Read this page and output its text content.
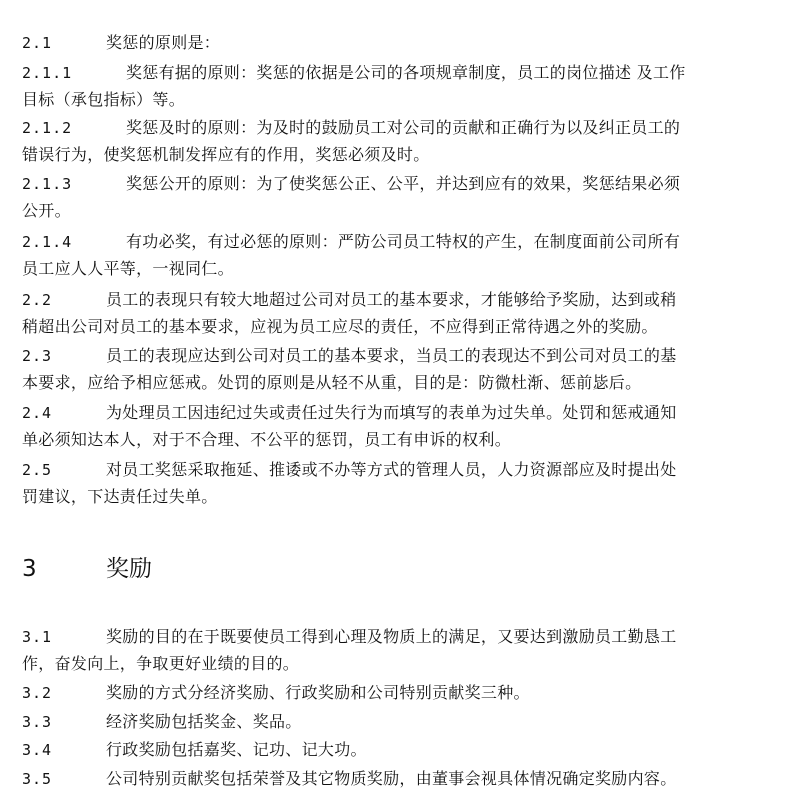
2.1	奖惩的原则是：
2.1.1	奖惩有据的原则：奖惩的依据是公司的各项规章制度，员工的岗位描述 及工作
目标（承包指标）等。
2.1.2	奖惩及时的原则：为及时的鼓励员工对公司的贡献和正确行为以及纠正员工的
错误行为，使奖惩机制发挥应有的作用，奖惩必须及时。
2.1.3	奖惩公开的原则：为了使奖惩公正、公平，并达到应有的效果，奖惩结果必须
公开。
2.1.4	有功必奖，有过必惩的原则：严防公司员工特权的产生，在制度面前公司所有
员工应人人平等，一视同仁。
2.2	员工的表现只有较大地超过公司对员工的基本要求，才能够给予奖励，达到或稍
稍超出公司对员工的基本要求，应视为员工应尽的责任，不应得到正常待遇之外的奖励。
2.3	员工的表现应达到公司对员工的基本要求，当员工的表现达不到公司对员工的基
本要求，应给予相应惩戒。处罚的原则是从轻不从重，目的是：防微杜渐、惩前毖后。
2.4	为处理员工因违纪过失或责任过失行为而填写的表单为过失单。处罚和惩戒通知
单必须知达本人，对于不合理、不公平的惩罚，员工有申诉的权利。
2.5	对员工奖惩采取拖延、推诿或不办等方式的管理人员，人力资源部应及时提出处
罚建议，下达责任过失单。
3	奖励
3.1	奖励的目的在于既要使员工得到心理及物质上的满足，又要达到激励员工勤恳工
作，奋发向上，争取更好业绩的目的。
3.2	奖励的方式分经济奖励、行政奖励和公司特别贡献奖三种。
3.3	经济奖励包括奖金、奖品。
3.4	行政奖励包括嘉奖、记功、记大功。
3.5	公司特别贡献奖包括荣誉及其它物质奖励，由董事会视具体情况确定奖励内容。
